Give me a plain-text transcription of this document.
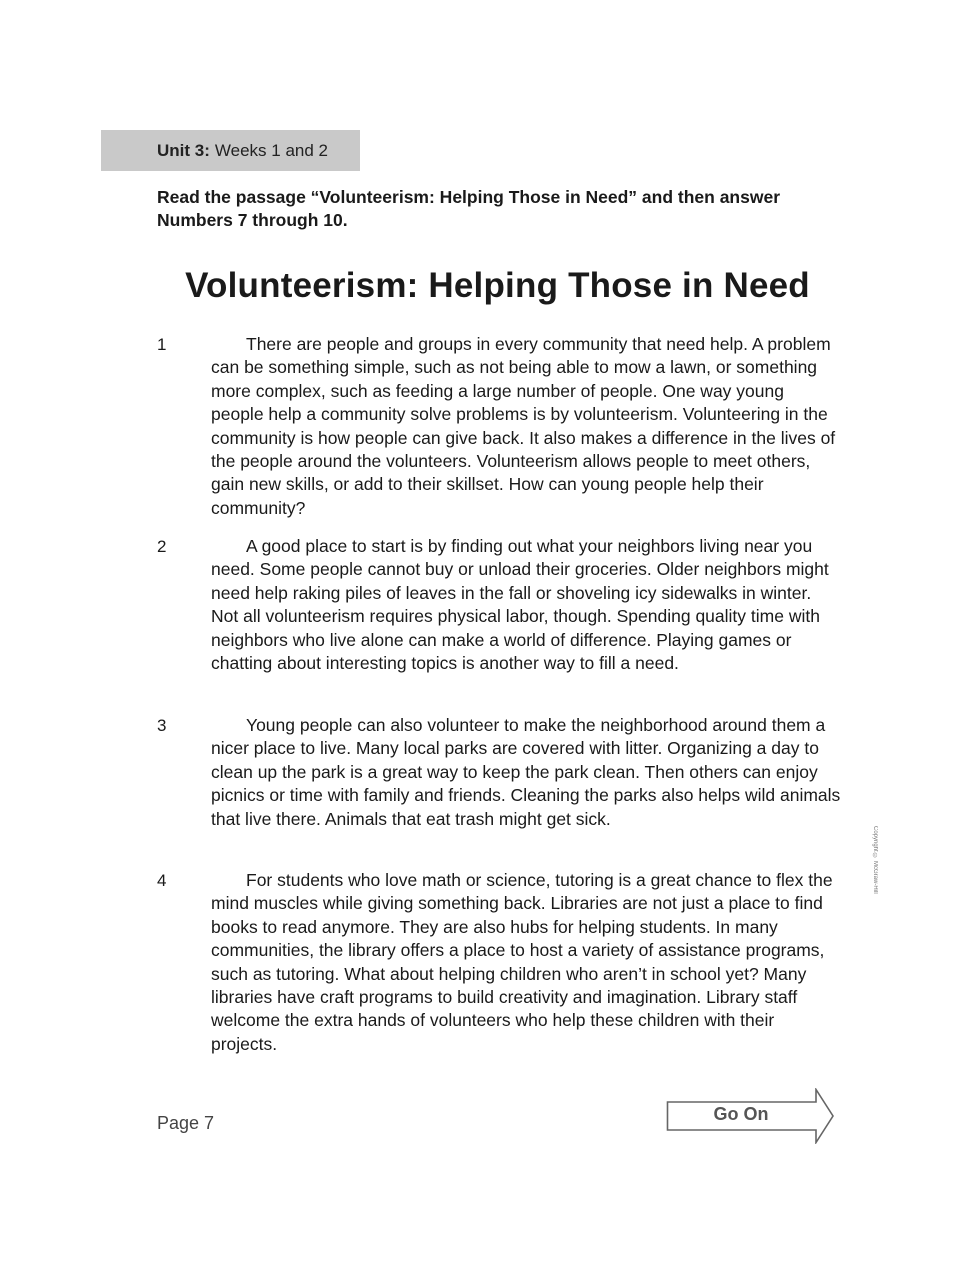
Unit 3: Weeks 1 and 2
Read the passage “Volunteerism: Helping Those in Need” and then answer Numbers 7 through 10.
Volunteerism: Helping Those in Need
1	There are people and groups in every community that need help. A problem can be something simple, such as not being able to mow a lawn, or something more complex, such as feeding a large number of people. One way young people help a community solve problems is by volunteerism. Volunteering in the community is how people can give back. It also makes a difference in the lives of the people around the volunteers. Volunteerism allows people to meet others, gain new skills, or add to their skillset. How can young people help their community?

2	A good place to start is by finding out what your neighbors living near you need. Some people cannot buy or unload their groceries. Older neighbors might need help raking piles of leaves in the fall or shoveling icy sidewalks in winter. Not all volunteerism requires physical labor, though. Spending quality time with neighbors who live alone can make a world of difference. Playing games or chatting about interesting topics is another way to fill a need.

3	Young people can also volunteer to make the neighborhood around them a nicer place to live. Many local parks are covered with litter. Organizing a day to clean up the park is a great way to keep the park clean. Then others can enjoy picnics or time with family and friends. Cleaning the parks also helps wild animals that live there. Animals that eat trash might get sick.

4	For students who love math or science, tutoring is a great chance to flex the mind muscles while giving something back. Libraries are not just a place to find books to read anymore. They are also hubs for helping students. In many communities, the library offers a place to host a variety of assistance programs, such as tutoring. What about helping children who aren’t in school yet? Many libraries have craft programs to build creativity and imagination. Library staff welcome the extra hands of volunteers who help these children with their projects.

Copyright © McGraw-Hill
Page 7	Go On
